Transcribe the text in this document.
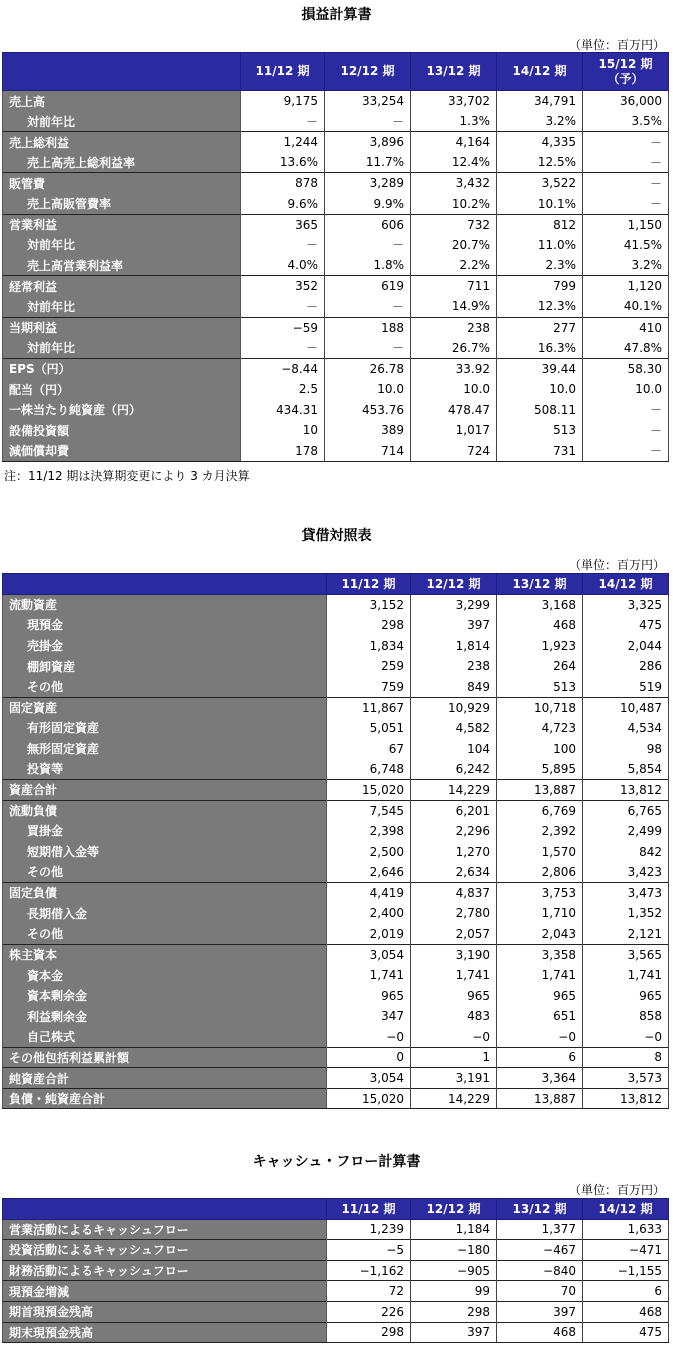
損益計算書
（単位：百万円）
	11/12 期	12/12 期	13/12 期	14/12 期	15/12 期
（予）
売上高	9,175	33,254	33,702	34,791	36,000
対前年比	－	－	1.3%	3.2%	3.5%
売上総利益	1,244	3,896	4,164	4,335	－
売上高売上総利益率	13.6%	11.7%	12.4%	12.5%	－
販管費	878	3,289	3,432	3,522	－
売上高販管費率	9.6%	9.9%	10.2%	10.1%	－
営業利益	365	606	732	812	1,150
対前年比	－	－	20.7%	11.0%	41.5%
売上高営業利益率	4.0%	1.8%	2.2%	2.3%	3.2%
経常利益	352	619	711	799	1,120
対前年比	－	－	14.9%	12.3%	40.1%
当期利益	−59	188	238	277	410
対前年比	－	－	26.7%	16.3%	47.8%
EPS（円）	−8.44	26.78	33.92	39.44	58.30
配当（円）	2.5	10.0	10.0	10.0	10.0
一株当たり純資産（円）	434.31	453.76	478.47	508.11	－
設備投資額	10	389	1,017	513	－
減価償却費	178	714	724	731	－
注：11/12 期は決算期変更により 3 カ月決算
貸借対照表
（単位：百万円）
	11/12 期	12/12 期	13/12 期	14/12 期
流動資産	3,152	3,299	3,168	3,325
現預金	298	397	468	475
売掛金	1,834	1,814	1,923	2,044
棚卸資産	259	238	264	286
その他	759	849	513	519
固定資産	11,867	10,929	10,718	10,487
有形固定資産	5,051	4,582	4,723	4,534
無形固定資産	67	104	100	98
投資等	6,748	6,242	5,895	5,854
資産合計	15,020	14,229	13,887	13,812
流動負債	7,545	6,201	6,769	6,765
買掛金	2,398	2,296	2,392	2,499
短期借入金等	2,500	1,270	1,570	842
その他	2,646	2,634	2,806	3,423
固定負債	4,419	4,837	3,753	3,473
長期借入金	2,400	2,780	1,710	1,352
その他	2,019	2,057	2,043	2,121
株主資本	3,054	3,190	3,358	3,565
資本金	1,741	1,741	1,741	1,741
資本剰余金	965	965	965	965
利益剰余金	347	483	651	858
自己株式	−0	−0	−0	−0
その他包括利益累計額	0	1	6	8
純資産合計	3,054	3,191	3,364	3,573
負債・純資産合計	15,020	14,229	13,887	13,812
キャッシュ・フロー計算書
（単位：百万円）
	11/12 期	12/12 期	13/12 期	14/12 期
営業活動によるキャッシュフロー	1,239	1,184	1,377	1,633
投資活動によるキャッシュフロー	−5	−180	−467	−471
財務活動によるキャッシュフロー	−1,162	−905	−840	−1,155
現預金増減	72	99	70	6
期首現預金残高	226	298	397	468
期末現預金残高	298	397	468	475
